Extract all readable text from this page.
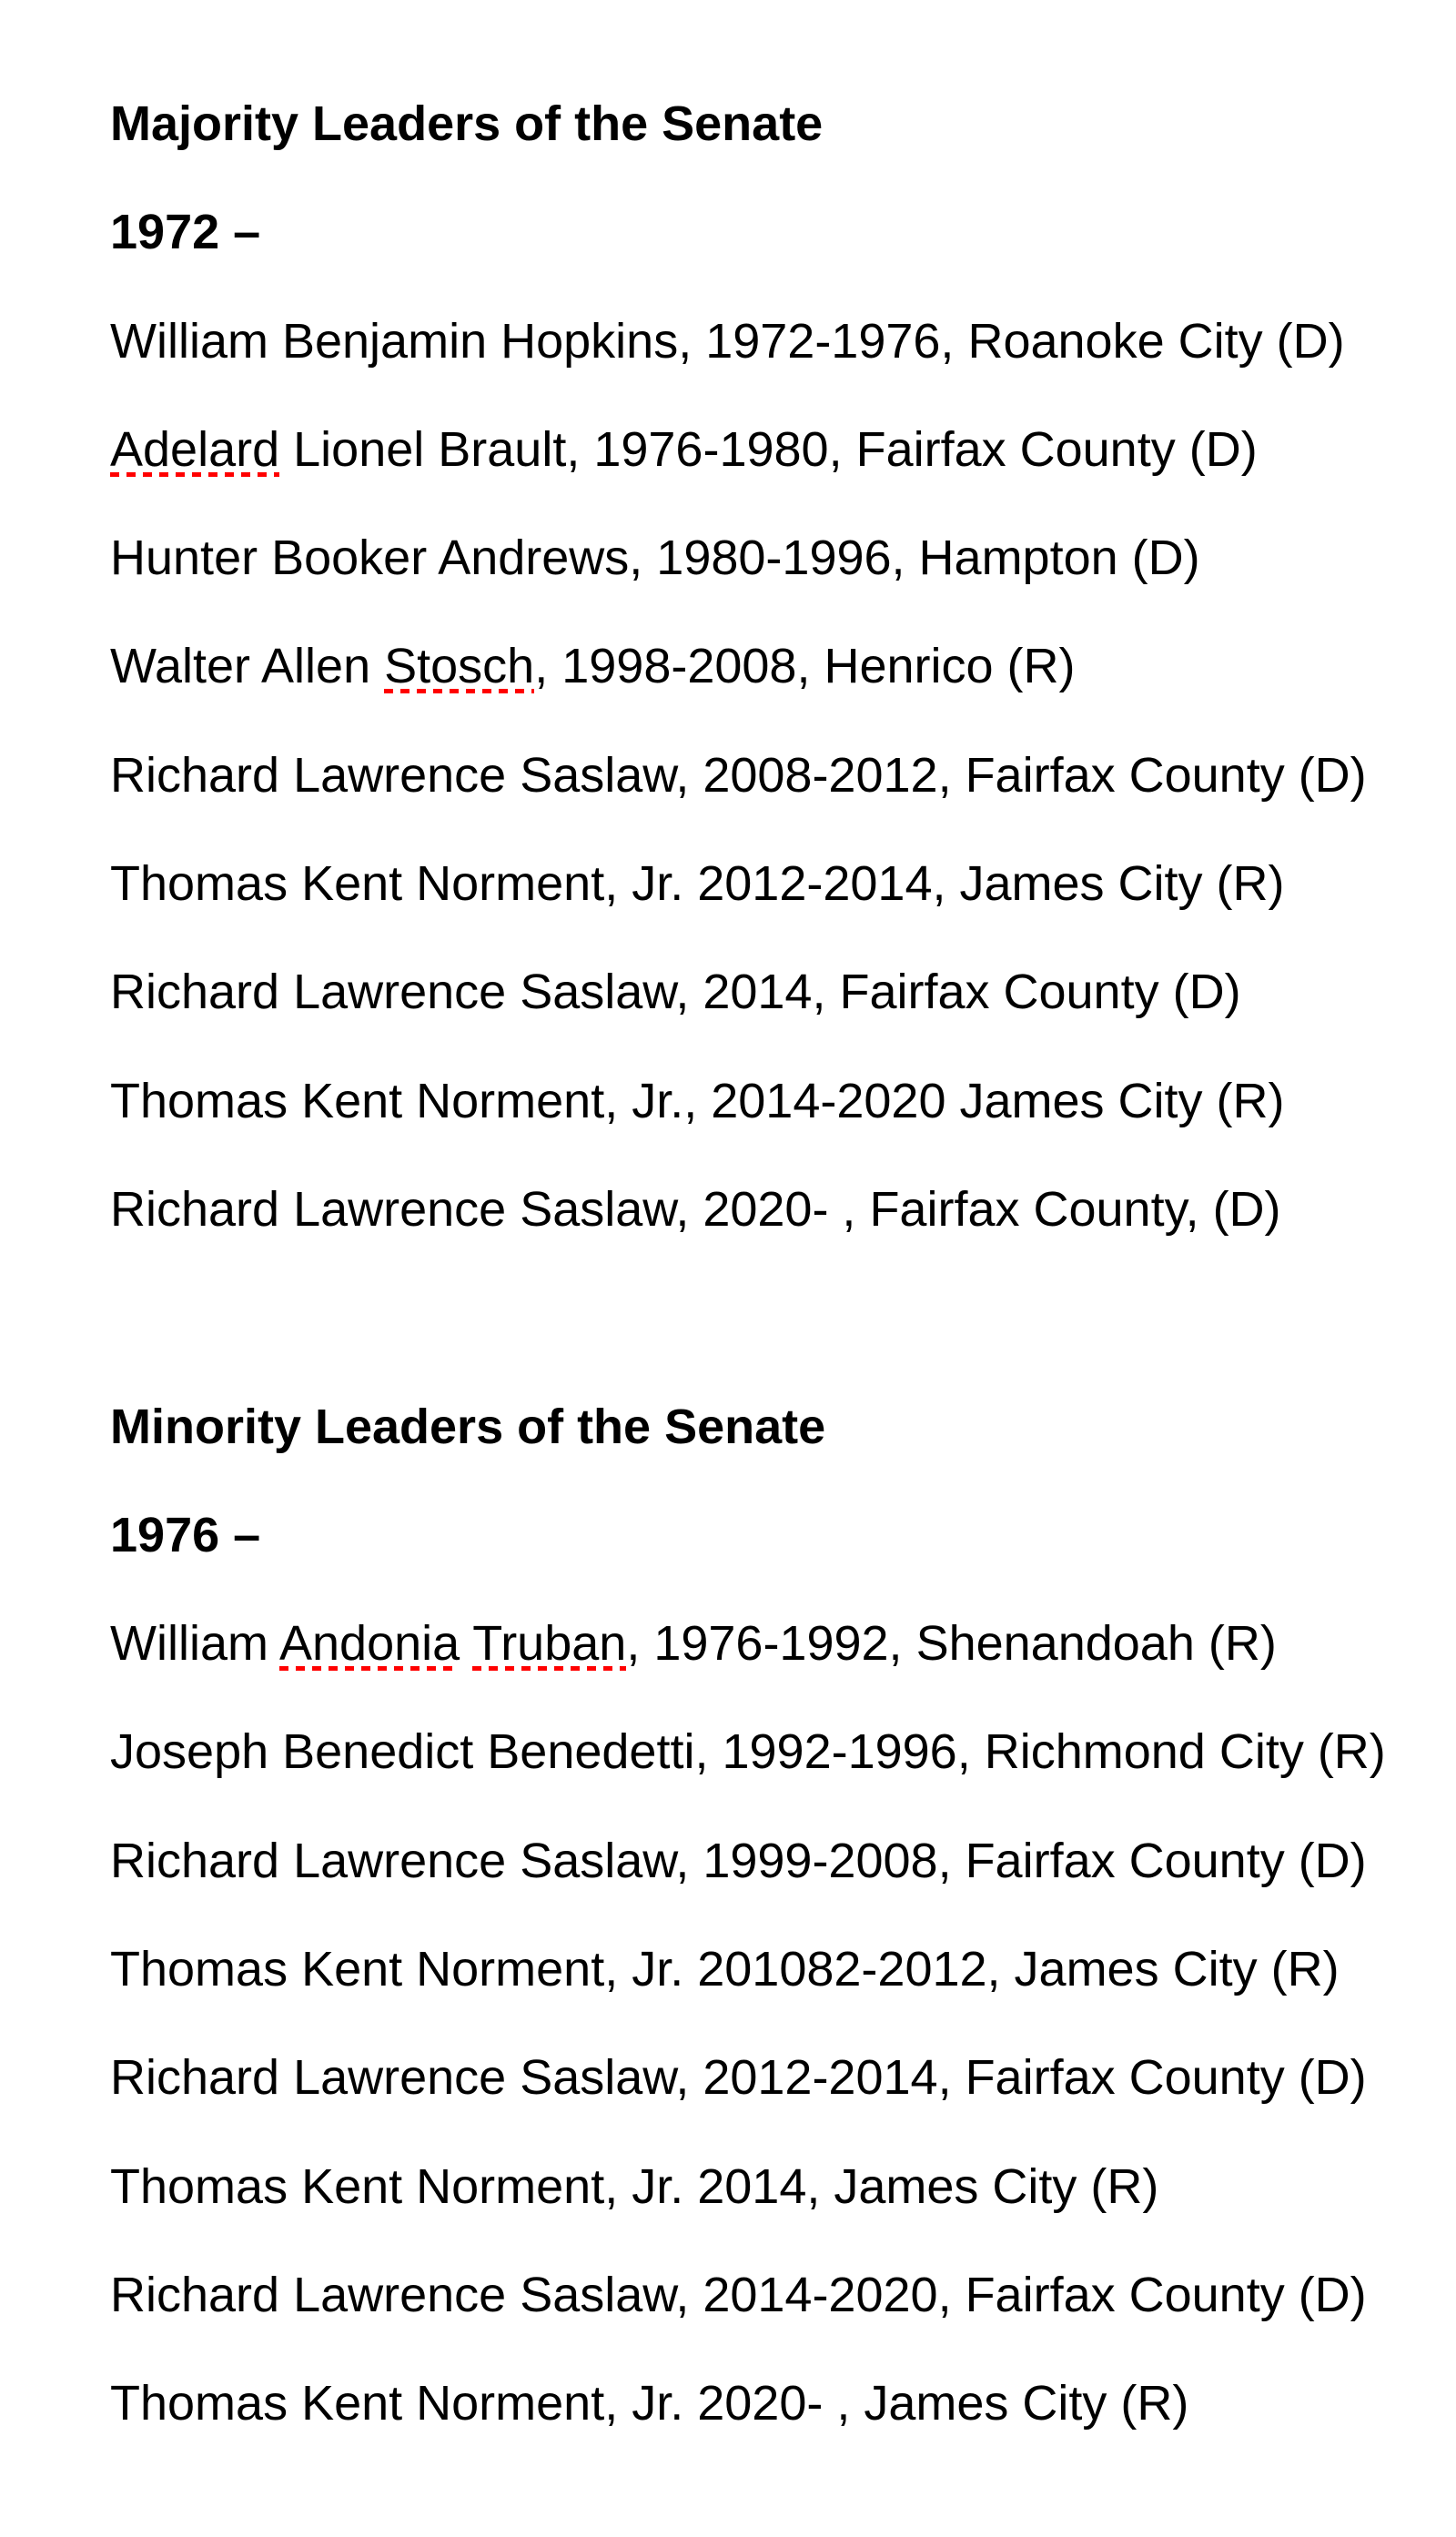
Majority Leaders of the Senate
1972 –
William Benjamin Hopkins, 1972-1976, Roanoke City (D)
Adelard Lionel Brault, 1976-1980, Fairfax County (D)
Hunter Booker Andrews, 1980-1996, Hampton (D)
Walter Allen Stosch, 1998-2008, Henrico (R)
Richard Lawrence Saslaw, 2008-2012, Fairfax County (D)
Thomas Kent Norment, Jr. 2012-2014, James City (R)
Richard Lawrence Saslaw, 2014, Fairfax County (D)
Thomas Kent Norment, Jr., 2014-2020 James City (R)
Richard Lawrence Saslaw, 2020- , Fairfax County, (D)
Minority Leaders of the Senate
1976 –
William Andonia Truban, 1976-1992, Shenandoah (R)
Joseph Benedict Benedetti, 1992-1996, Richmond City (R)
Richard Lawrence Saslaw, 1999-2008, Fairfax County (D)
Thomas Kent Norment, Jr. 201082-2012, James City (R)
Richard Lawrence Saslaw, 2012-2014, Fairfax County (D)
Thomas Kent Norment, Jr. 2014, James City (R)
Richard Lawrence Saslaw, 2014-2020, Fairfax County (D)
Thomas Kent Norment, Jr. 2020- , James City (R)
